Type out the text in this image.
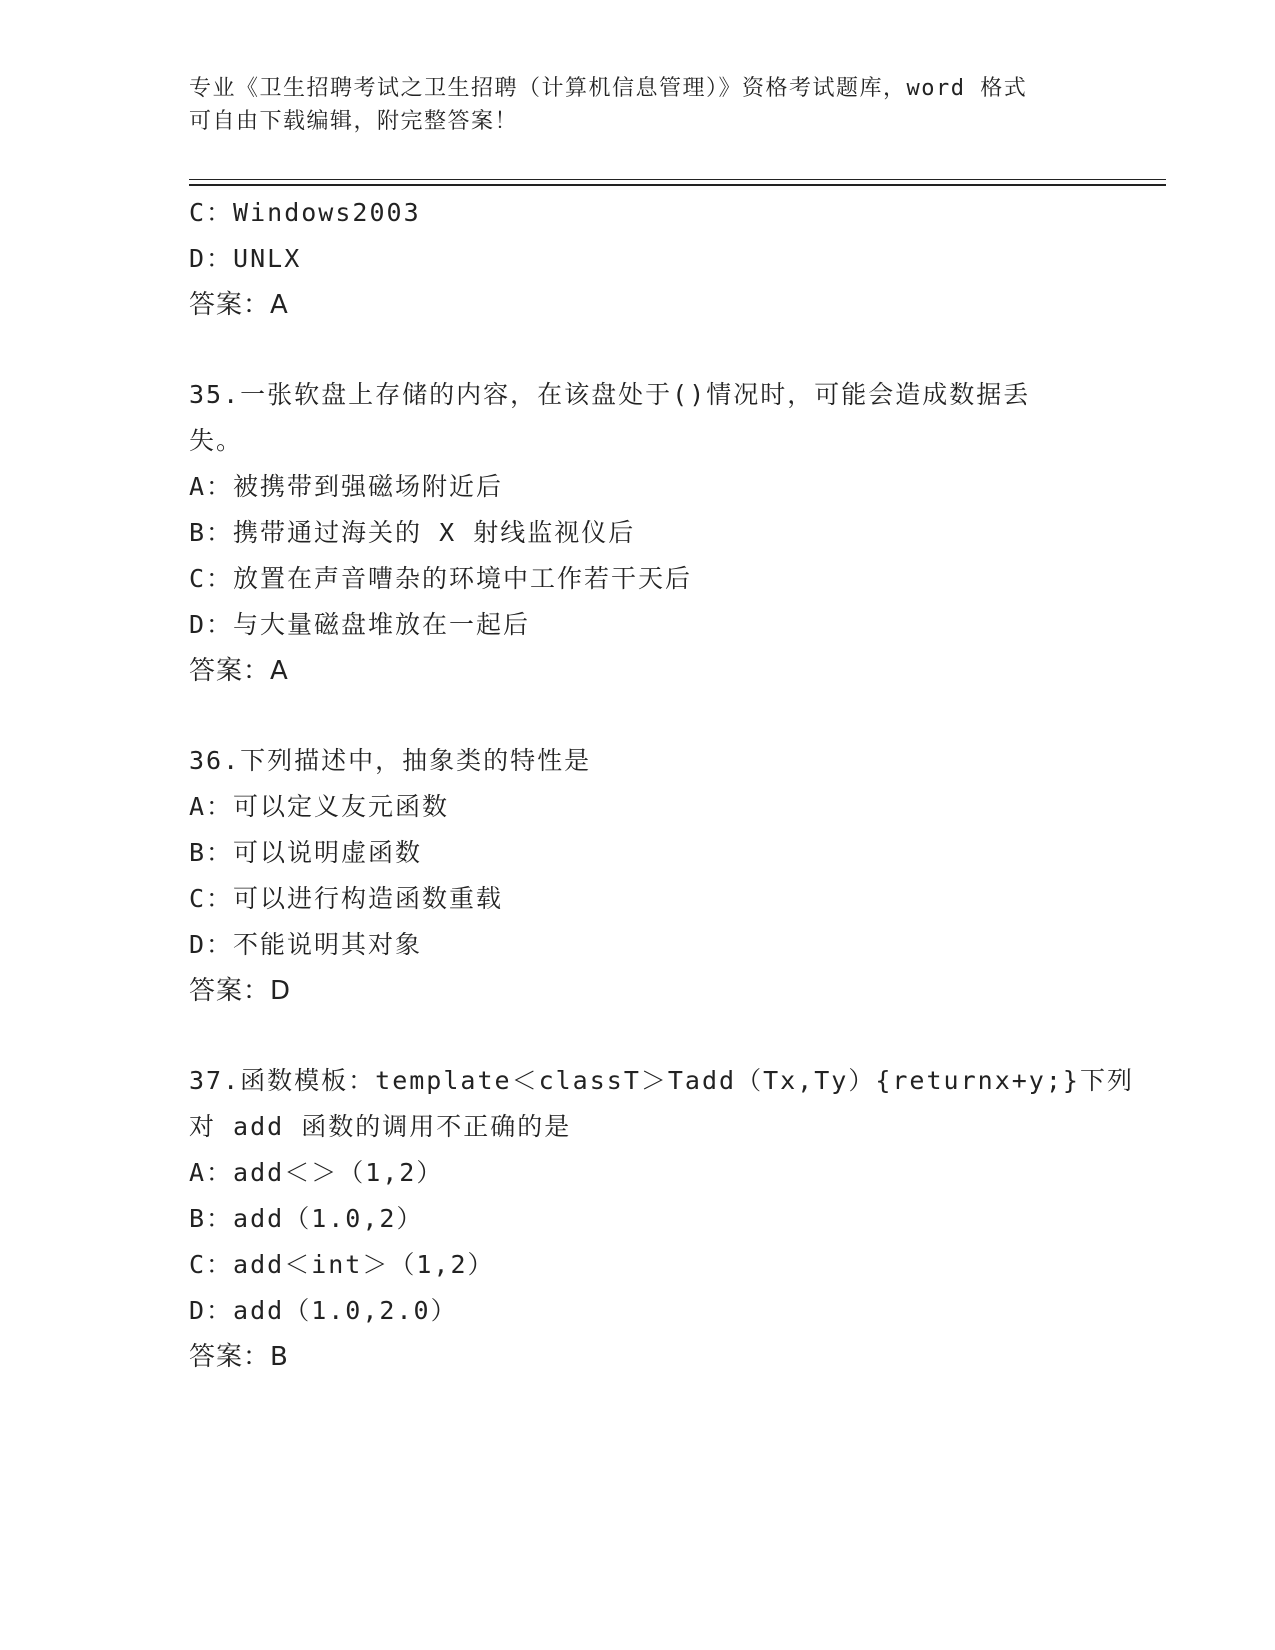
专业《卫生招聘考试之卫生招聘（计算机信息管理）》资格考试题库，word 格式
可自由下载编辑，附完整答案！
C：Windows2003
D：UNLX
答案：A
35.一张软盘上存储的内容，在该盘处于()情况时，可能会造成数据丢
失。
A：被携带到强磁场附近后
B：携带通过海关的 X 射线监视仪后
C：放置在声音嘈杂的环境中工作若干天后
D：与大量磁盘堆放在一起后
答案：A
36.下列描述中，抽象类的特性是
A：可以定义友元函数
B：可以说明虚函数
C：可以进行构造函数重载
D：不能说明其对象
答案：D
37.函数模板：template＜classT＞Tadd（Tx,Ty）{returnx+y;}下列
对 add 函数的调用不正确的是
A：add＜＞（1,2）
B：add（1.0,2）
C：add＜int＞（1,2）
D：add（1.0,2.0）
答案：B
